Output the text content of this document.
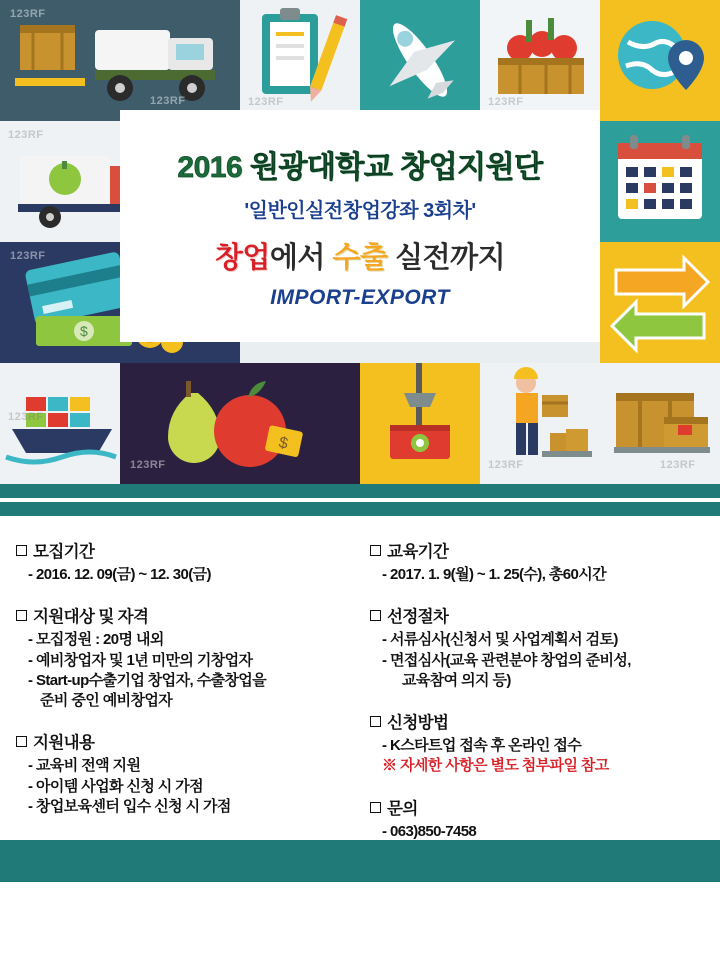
123RF
123RF	123RF	123RF
123RF
$
123RF
123RF
$
123RF	123RF	123RF
2016 원광대학교 창업지원단
'일반인실전창업강좌 3회차'
창업에서 수출 실전까지
IMPORT-EXPORT
모집기간
- 2016. 12. 09(금) ~ 12. 30(금)
지원대상 및 자격
- 모집정원 : 20명 내외
- 예비창업자 및 1년 미만의 기창업자
- Start-up수출기업 창업자, 수출창업을
준비 중인 예비창업자
지원내용
- 교육비 전액 지원
- 아이템 사업화 신청 시 가점
- 창업보육센터 입수 신청 시 가점
교육기간
- 2017. 1. 9(월) ~ 1. 25(수), 총60시간
선정절차
- 서류심사(신청서 및 사업계획서 검토)
- 면접심사(교육 관련분야 창업의 준비성,
교육참여 의지 등)
신청방법
- K스타트업 접속 후 온라인 접수
※ 자세한 사항은 별도 첨부파일 참고
문의
- 063)850-7458
